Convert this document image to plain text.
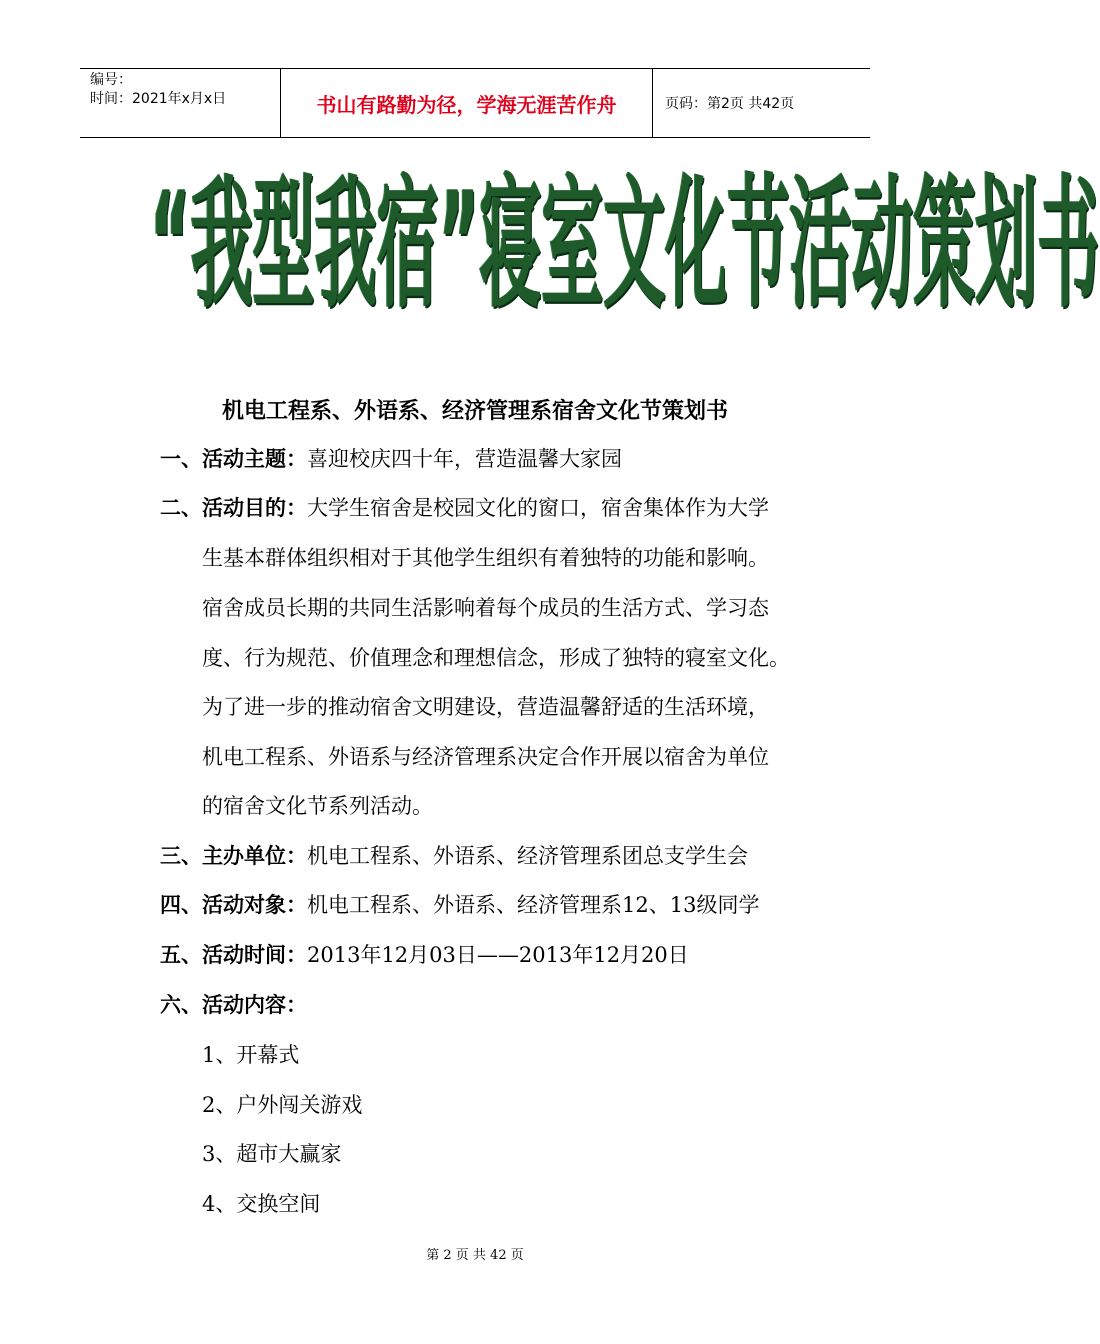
编号：
时间：2021年x月x日	书山有路勤为径，学海无涯苦作舟	页码：第2页 共42页
“我型我宿”寝室文化节活动策划书
机电工程系、外语系、经济管理系宿舍文化节策划书
一、活动主题：喜迎校庆四十年，营造温馨大家园
二、活动目的：大学生宿舍是校园文化的窗口，宿舍集体作为大学
生基本群体组织相对于其他学生组织有着独特的功能和影响。
宿舍成员长期的共同生活影响着每个成员的生活方式、学习态
度、行为规范、价值理念和理想信念，形成了独特的寝室文化。
为了进一步的推动宿舍文明建设，营造温馨舒适的生活环境，
机电工程系、外语系与经济管理系决定合作开展以宿舍为单位
的宿舍文化节系列活动。
三、主办单位：机电工程系、外语系、经济管理系团总支学生会
四、活动对象：机电工程系、外语系、经济管理系12、13级同学
五、活动时间：2013年12月03日——2013年12月20日
六、活动内容：
1、开幕式
2、户外闯关游戏
3、超市大赢家
4、交换空间
第 2 页 共 42 页
